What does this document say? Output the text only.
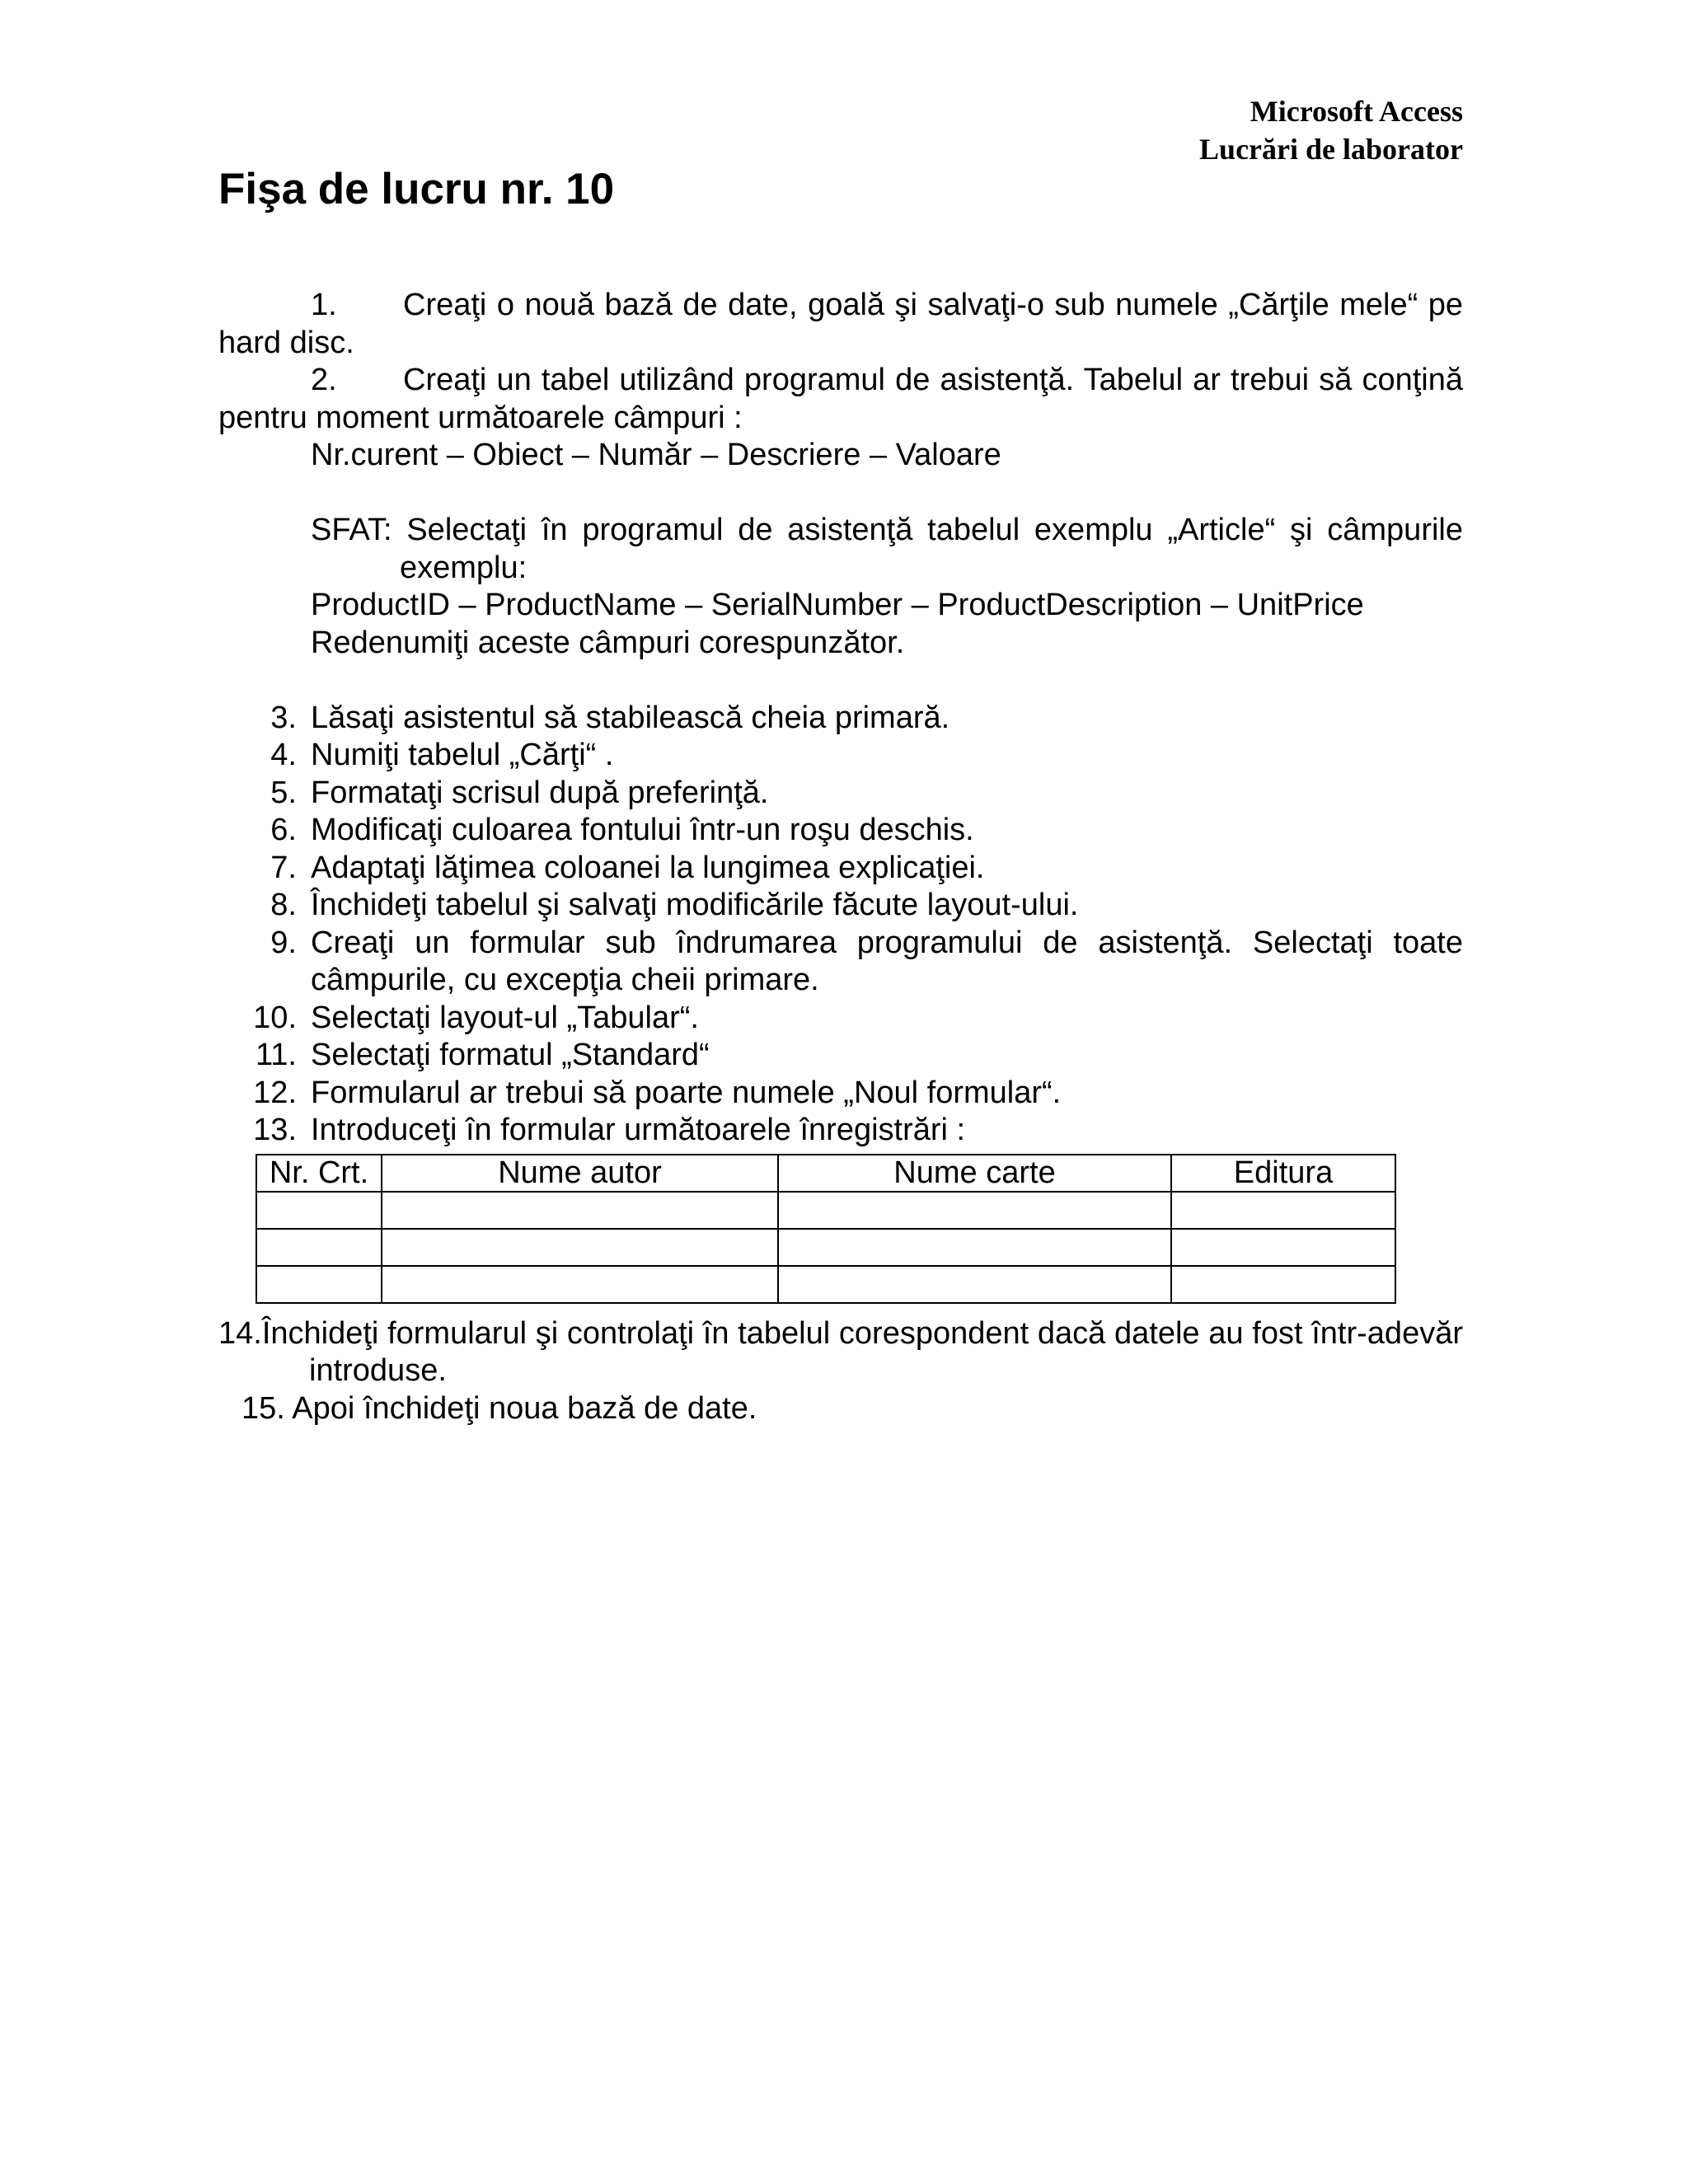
Microsoft Access
Lucrări de laborator
Fişa de lucru nr. 10

1. Creaţi o nouă bază de date, goală şi salvaţi-o sub numele „Cărţile mele“ pe

hard disc.

2. Creaţi un tabel utilizând programul de asistenţă. Tabelul ar trebui să conţină

pentru moment următoarele câmpuri :

Nr.curent – Obiect – Număr – Descriere – Valoare

SFAT: Selectaţi în programul de asistenţă tabelul exemplu „Article“ şi câmpurile

exemplu:

ProductID – ProductName – SerialNumber – ProductDescription – UnitPrice

Redenumiţi aceste câmpuri corespunzător.

3. Lăsaţi asistentul să stabilească cheia primară.
4. Numiţi tabelul „Cărţi“ .
5. Formataţi scrisul după preferinţă.
6. Modificaţi culoarea fontului într-un roşu deschis.
7. Adaptaţi lăţimea coloanei la lungimea explicaţiei.
8. Închideţi tabelul şi salvaţi modificările făcute layout-ului.
9. Creaţi un formular sub îndrumarea programului de asistenţă. Selectaţi toate câmpurile, cu excepţia cheii primare.
10. Selectaţi layout-ul „Tabular“.
11. Selectaţi formatul „Standard“
12. Formularul ar trebui să poarte numele „Noul formular“.
13. Introduceţi în formular următoarele înregistrări :
Nr. Crt.	Nume autor	Nume carte	Editura

14.Închideţi formularul şi controlaţi în tabelul corespondent dacă datele au fost într-adevăr

introduse.

15. Apoi închideţi noua bază de date.
